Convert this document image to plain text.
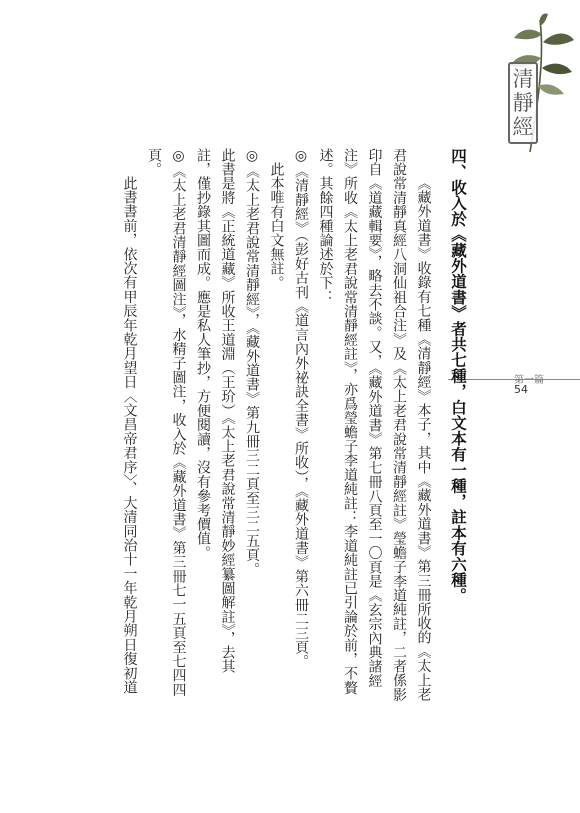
清
靜
經
第一篇
54
四、收入於《藏外道書》者共七種，白文本有一種，註本有六種。
《藏外道書》收錄有七種《清靜經》本子，其中《藏外道書》第三冊所收的《太上老
君說常清靜真經八洞仙祖合注》及《太上老君說常清靜經註》瑩蟾子李道純註，二者係影
印自《道藏輯要》，略去不談。又，《藏外道書》第七冊八頁至一〇頁是《玄宗內典諸經
注》所收《太上老君說常清靜經註》，亦爲瑩蟾子李道純註：李道純註已引論於前，不贅
述。其餘四種論述於下：
◎《清靜經》（彭好古刊《道言內外祕訣全書》所收），《藏外道書》第六冊二三頁。
此本唯有白文無註。
◎《太上老君說常清靜經》，《藏外道書》第九冊三二頁至三二五頁。
此書是將《正統道藏》所收王道淵（王玠）《太上老君說常清靜妙經纂圖解註》，去其
註，僅抄錄其圖而成。應是私人筆抄，方便閱讀，沒有參考價值。
◎《太上老君清靜經圖注》，水精子圖注，收入於《藏外道書》第三冊七一五頁至七四四
頁。
此書書前，依次有甲辰年乾月望日〈文昌帝君序〉、大清同治十一年乾月朔日復初道
